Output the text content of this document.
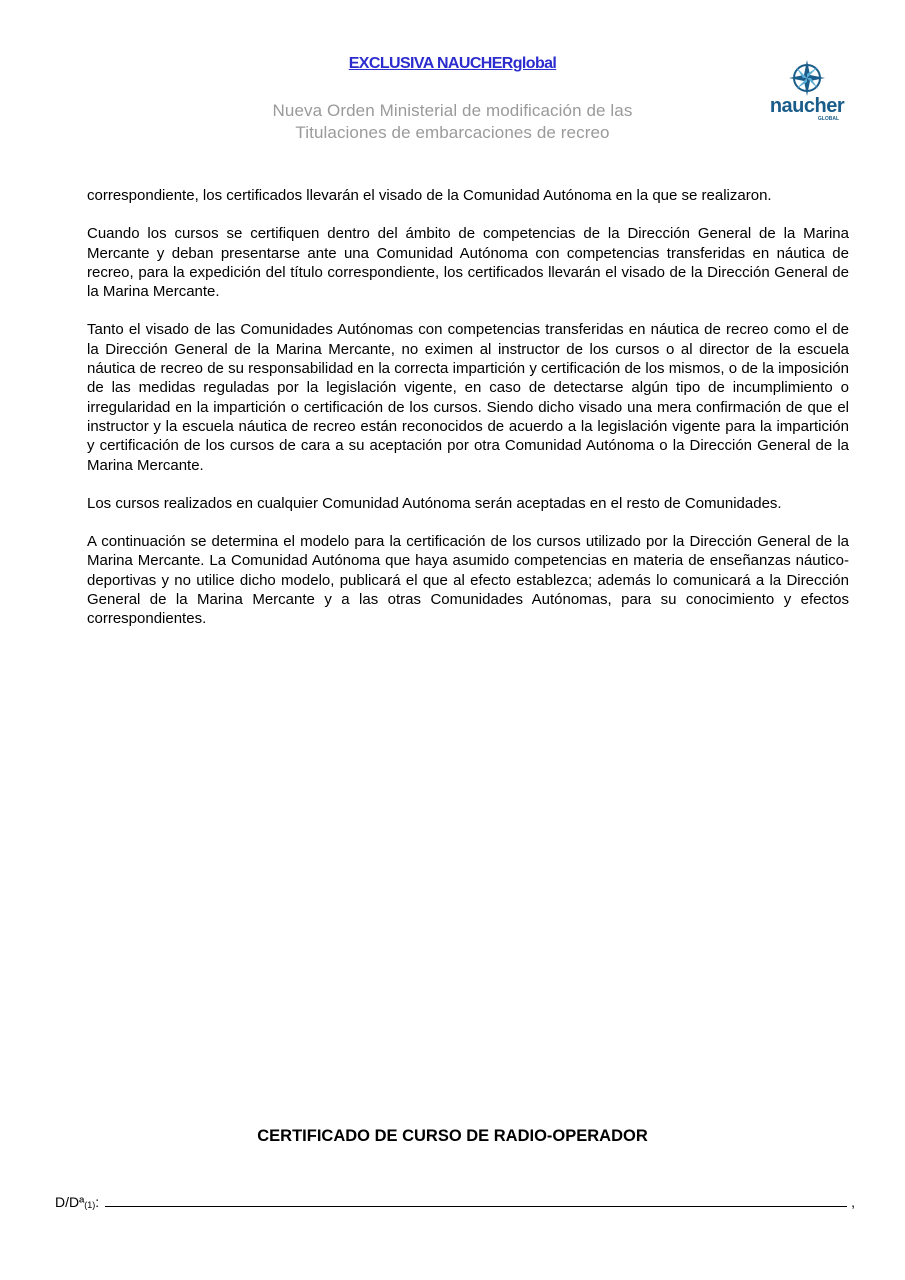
EXCLUSIVA NAUCHERglobal
Nueva Orden Ministerial de modificación de las
Titulaciones de embarcaciones de recreo
naucher
GLOBAL

correspondiente, los certificados llevarán el visado de la Comunidad Autónoma en la que se realizaron.

Cuando los cursos se certifiquen dentro del ámbito de competencias de la Dirección General de la Marina Mercante y deban presentarse ante una Comunidad Autónoma con competencias transferidas en náutica de recreo, para la expedición del título correspondiente, los certificados llevarán el visado de la Dirección General de la Marina Mercante.

Tanto el visado de las Comunidades Autónomas con competencias transferidas en náutica de recreo como el de la Dirección General de la Marina Mercante, no eximen al instructor de los cursos o al director de la escuela náutica de recreo de su responsabilidad en la correcta impartición y certificación de los mismos, o de la imposición de las medidas reguladas por la legislación vigente, en caso de detectarse algún tipo de incumplimiento o irregularidad en la impartición o certificación de los cursos. Siendo dicho visado una mera confirmación de que el instructor y la escuela náutica de recreo están reconocidos de acuerdo a la legislación vigente para la impartición y certificación de los cursos de cara a su aceptación por otra Comunidad Autónoma o la Dirección General de la Marina Mercante.

Los cursos realizados en cualquier Comunidad Autónoma serán aceptadas en el resto de Comunidades.

A continuación se determina el modelo para la certificación de los cursos utilizado por la Dirección General de la Marina Mercante. La Comunidad Autónoma que haya asumido competencias en materia de enseñanzas náutico-deportivas y no utilice dicho modelo, publicará el que al efecto establezca; además lo comunicará a la Dirección General de la Marina Mercante y a las otras Comunidades Autónomas, para su conocimiento y efectos correspondientes.

CERTIFICADO DE CURSO DE RADIO-OPERADOR
D/Dª$_{(1)}$ :	,
